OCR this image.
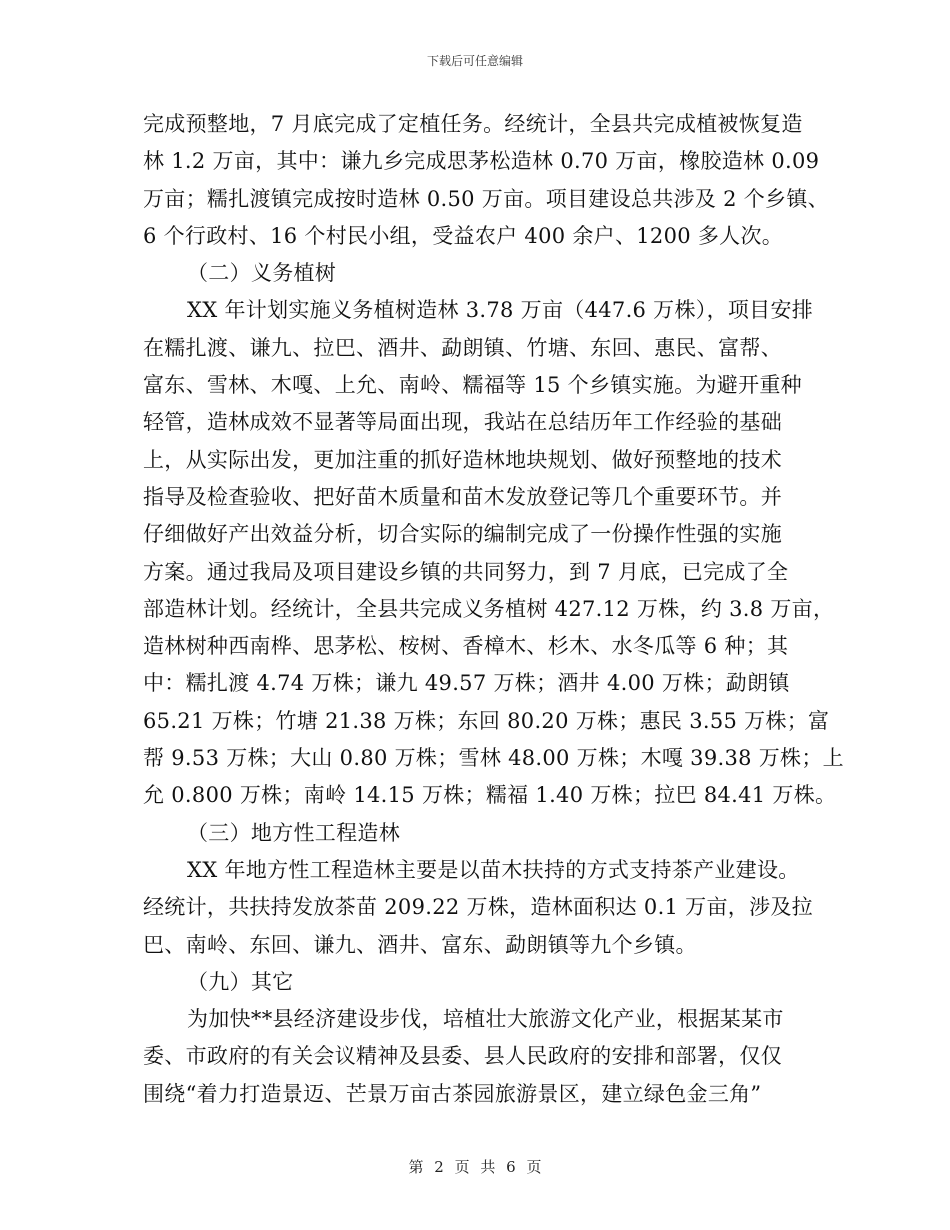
下载后可任意编辑
完成预整地，7 月底完成了定植任务。经统计，全县共完成植被恢复造
林 1.2 万亩，其中：谦九乡完成思茅松造林 0.70 万亩，橡胶造林 0.09
万亩；糯扎渡镇完成按时造林 0.50 万亩。项目建设总共涉及 2 个乡镇、
6 个行政村、16 个村民小组，受益农户 400 余户、1200 多人次。
（二）义务植树
XX 年计划实施义务植树造林 3.78 万亩（447.6 万株），项目安排
在糯扎渡、谦九、拉巴、酒井、勐朗镇、竹塘、东回、惠民、富帮、
富东、雪林、木嘎、上允、南岭、糯福等 15 个乡镇实施。为避开重种
轻管，造林成效不显著等局面出现，我站在总结历年工作经验的基础
上，从实际出发，更加注重的抓好造林地块规划、做好预整地的技术
指导及检查验收、把好苗木质量和苗木发放登记等几个重要环节。并
仔细做好产出效益分析，切合实际的编制完成了一份操作性强的实施
方案。通过我局及项目建设乡镇的共同努力，到 7 月底，已完成了全
部造林计划。经统计，全县共完成义务植树 427.12 万株，约 3.8 万亩，
造林树种西南桦、思茅松、桉树、香樟木、杉木、水冬瓜等 6 种；其
中：糯扎渡 4.74 万株；谦九 49.57 万株；酒井 4.00 万株；勐朗镇
65.21 万株；竹塘 21.38 万株；东回 80.20 万株；惠民 3.55 万株；富
帮 9.53 万株；大山 0.80 万株；雪林 48.00 万株；木嘎 39.38 万株；上
允 0.800 万株；南岭 14.15 万株；糯福 1.40 万株；拉巴 84.41 万株。
（三）地方性工程造林
XX 年地方性工程造林主要是以苗木扶持的方式支持茶产业建设。
经统计，共扶持发放茶苗 209.22 万株，造林面积达 0.1 万亩，涉及拉
巴、南岭、东回、谦九、酒井、富东、勐朗镇等九个乡镇。
（九）其它
为加快**县经济建设步伐，培植壮大旅游文化产业，根据某某市
委、市政府的有关会议精神及县委、县人民政府的安排和部署，仅仅
围绕“着力打造景迈、芒景万亩古茶园旅游景区，建立绿色金三角”
第 2 页 共 6 页
